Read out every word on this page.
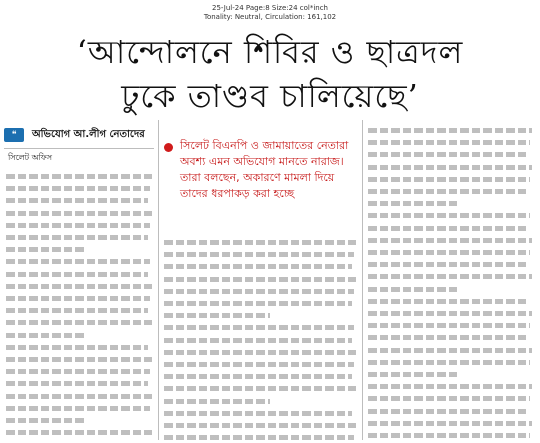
25-Jul-24 Page:8 Size:24 col*inch
Tonality: Neutral, Circulation: 161,102
‘আন্দোলনে শিবির ও ছাত্রদল
ঢুকে তাণ্ডব চালিয়েছে’
❝	অভিযোগ আ.লীগ নেতাদের
সিলেট অফিস
সিলেট বিএনপি ও জামায়াতের নেতারা অবশ্য এমন অভিযোগ মানতে নারাজ। তারা বলছেন, অকারণে মামলা দিয়ে তাদের ধরপাকড় করা হচ্ছে
